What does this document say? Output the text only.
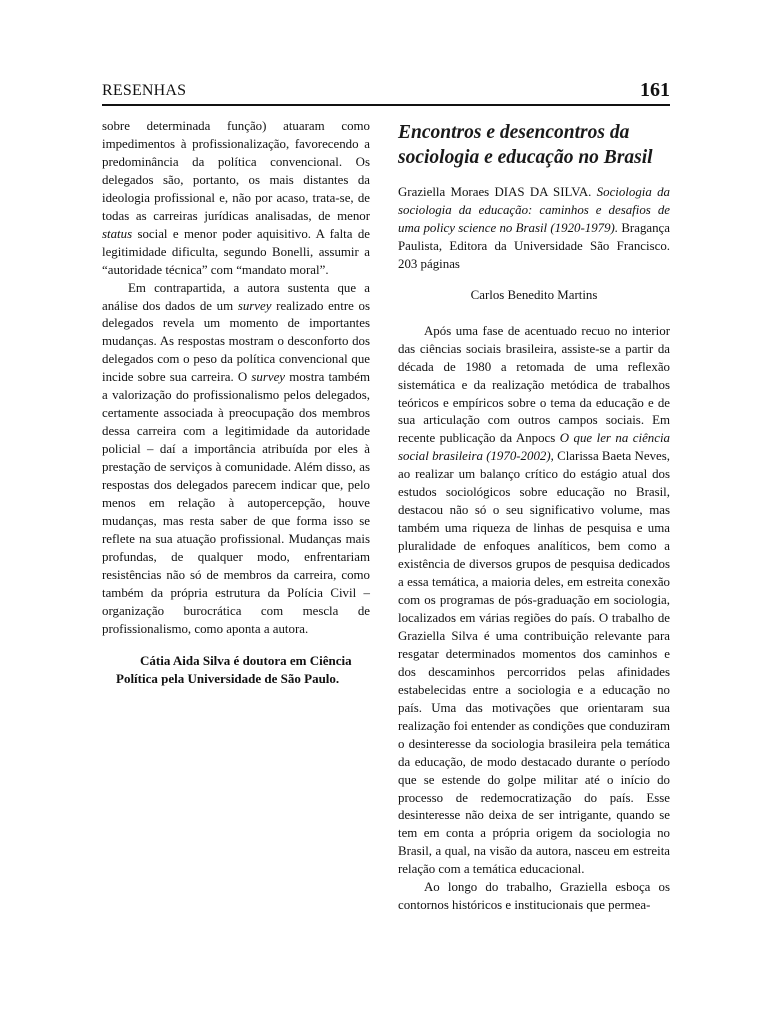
RESENHAS	161

sobre determinada função) atuaram como impedimentos à profissionalização, favorecendo a predominância da política convencional. Os delegados são, portanto, os mais distantes da ideologia profissional e, não por acaso, trata-se, de todas as carreiras jurídicas analisadas, de menor status social e menor poder aquisitivo. A falta de legitimidade dificulta, segundo Bonelli, assumir a “autoridade técnica” com “mandato moral”.

Em contrapartida, a autora sustenta que a análise dos dados de um survey realizado entre os delegados revela um momento de importantes mudanças. As respostas mostram o desconforto dos delegados com o peso da política convencional que incide sobre sua carreira. O survey mostra também a valorização do profissionalismo pelos delegados, certamente associada à preocupação dos membros dessa carreira com a legitimidade da autoridade policial – daí a importância atribuída por eles à prestação de serviços à comunidade. Além disso, as respostas dos delegados parecem indicar que, pelo menos em relação à autopercepção, houve mudanças, mas resta saber de que forma isso se reflete na sua atuação profissional. Mudanças mais profundas, de qualquer modo, enfrentariam resistências não só de membros da carreira, como também da própria estrutura da Polícia Civil – organização burocrática com mescla de profissionalismo, como aponta a autora.

Cátia Aida Silva é doutora em Ciência
Política pela Universidade de São Paulo.

Encontros e desencontros da sociologia e educação no Brasil

Graziella Moraes DIAS DA SILVA. Sociologia da sociologia da educação: caminhos e desafios de uma policy science no Brasil (1920-1979). Bragança Paulista, Editora da Universidade São Francisco. 203 páginas

Carlos Benedito Martins

Após uma fase de acentuado recuo no interior das ciências sociais brasileira, assiste-se a partir da década de 1980 a retomada de uma reflexão sistemática e da realização metódica de trabalhos teóricos e empíricos sobre o tema da educação e de sua articulação com outros campos sociais. Em recente publicação da Anpocs O que ler na ciência social brasileira (1970-2002), Clarissa Baeta Neves, ao realizar um balanço crítico do estágio atual dos estudos sociológicos sobre educação no Brasil, destacou não só o seu significativo volume, mas também uma riqueza de linhas de pesquisa e uma pluralidade de enfoques analíticos, bem como a existência de diversos grupos de pesquisa dedicados a essa temática, a maioria deles, em estreita conexão com os programas de pós-graduação em sociologia, localizados em várias regiões do país. O trabalho de Graziella Silva é uma contribuição relevante para resgatar determinados momentos dos caminhos e dos descaminhos percorridos pelas afinidades estabelecidas entre a sociologia e a educação no país. Uma das motivações que orientaram sua realização foi entender as condições que conduziram o desinteresse da sociologia brasileira pela temática da educação, de modo destacado durante o período que se estende do golpe militar até o início do processo de redemocratização do país. Esse desinteresse não deixa de ser intrigante, quando se tem em conta a própria origem da sociologia no Brasil, a qual, na visão da autora, nasceu em estreita relação com a temática educacional.

Ao longo do trabalho, Graziella esboça os contornos históricos e institucionais que permea-
